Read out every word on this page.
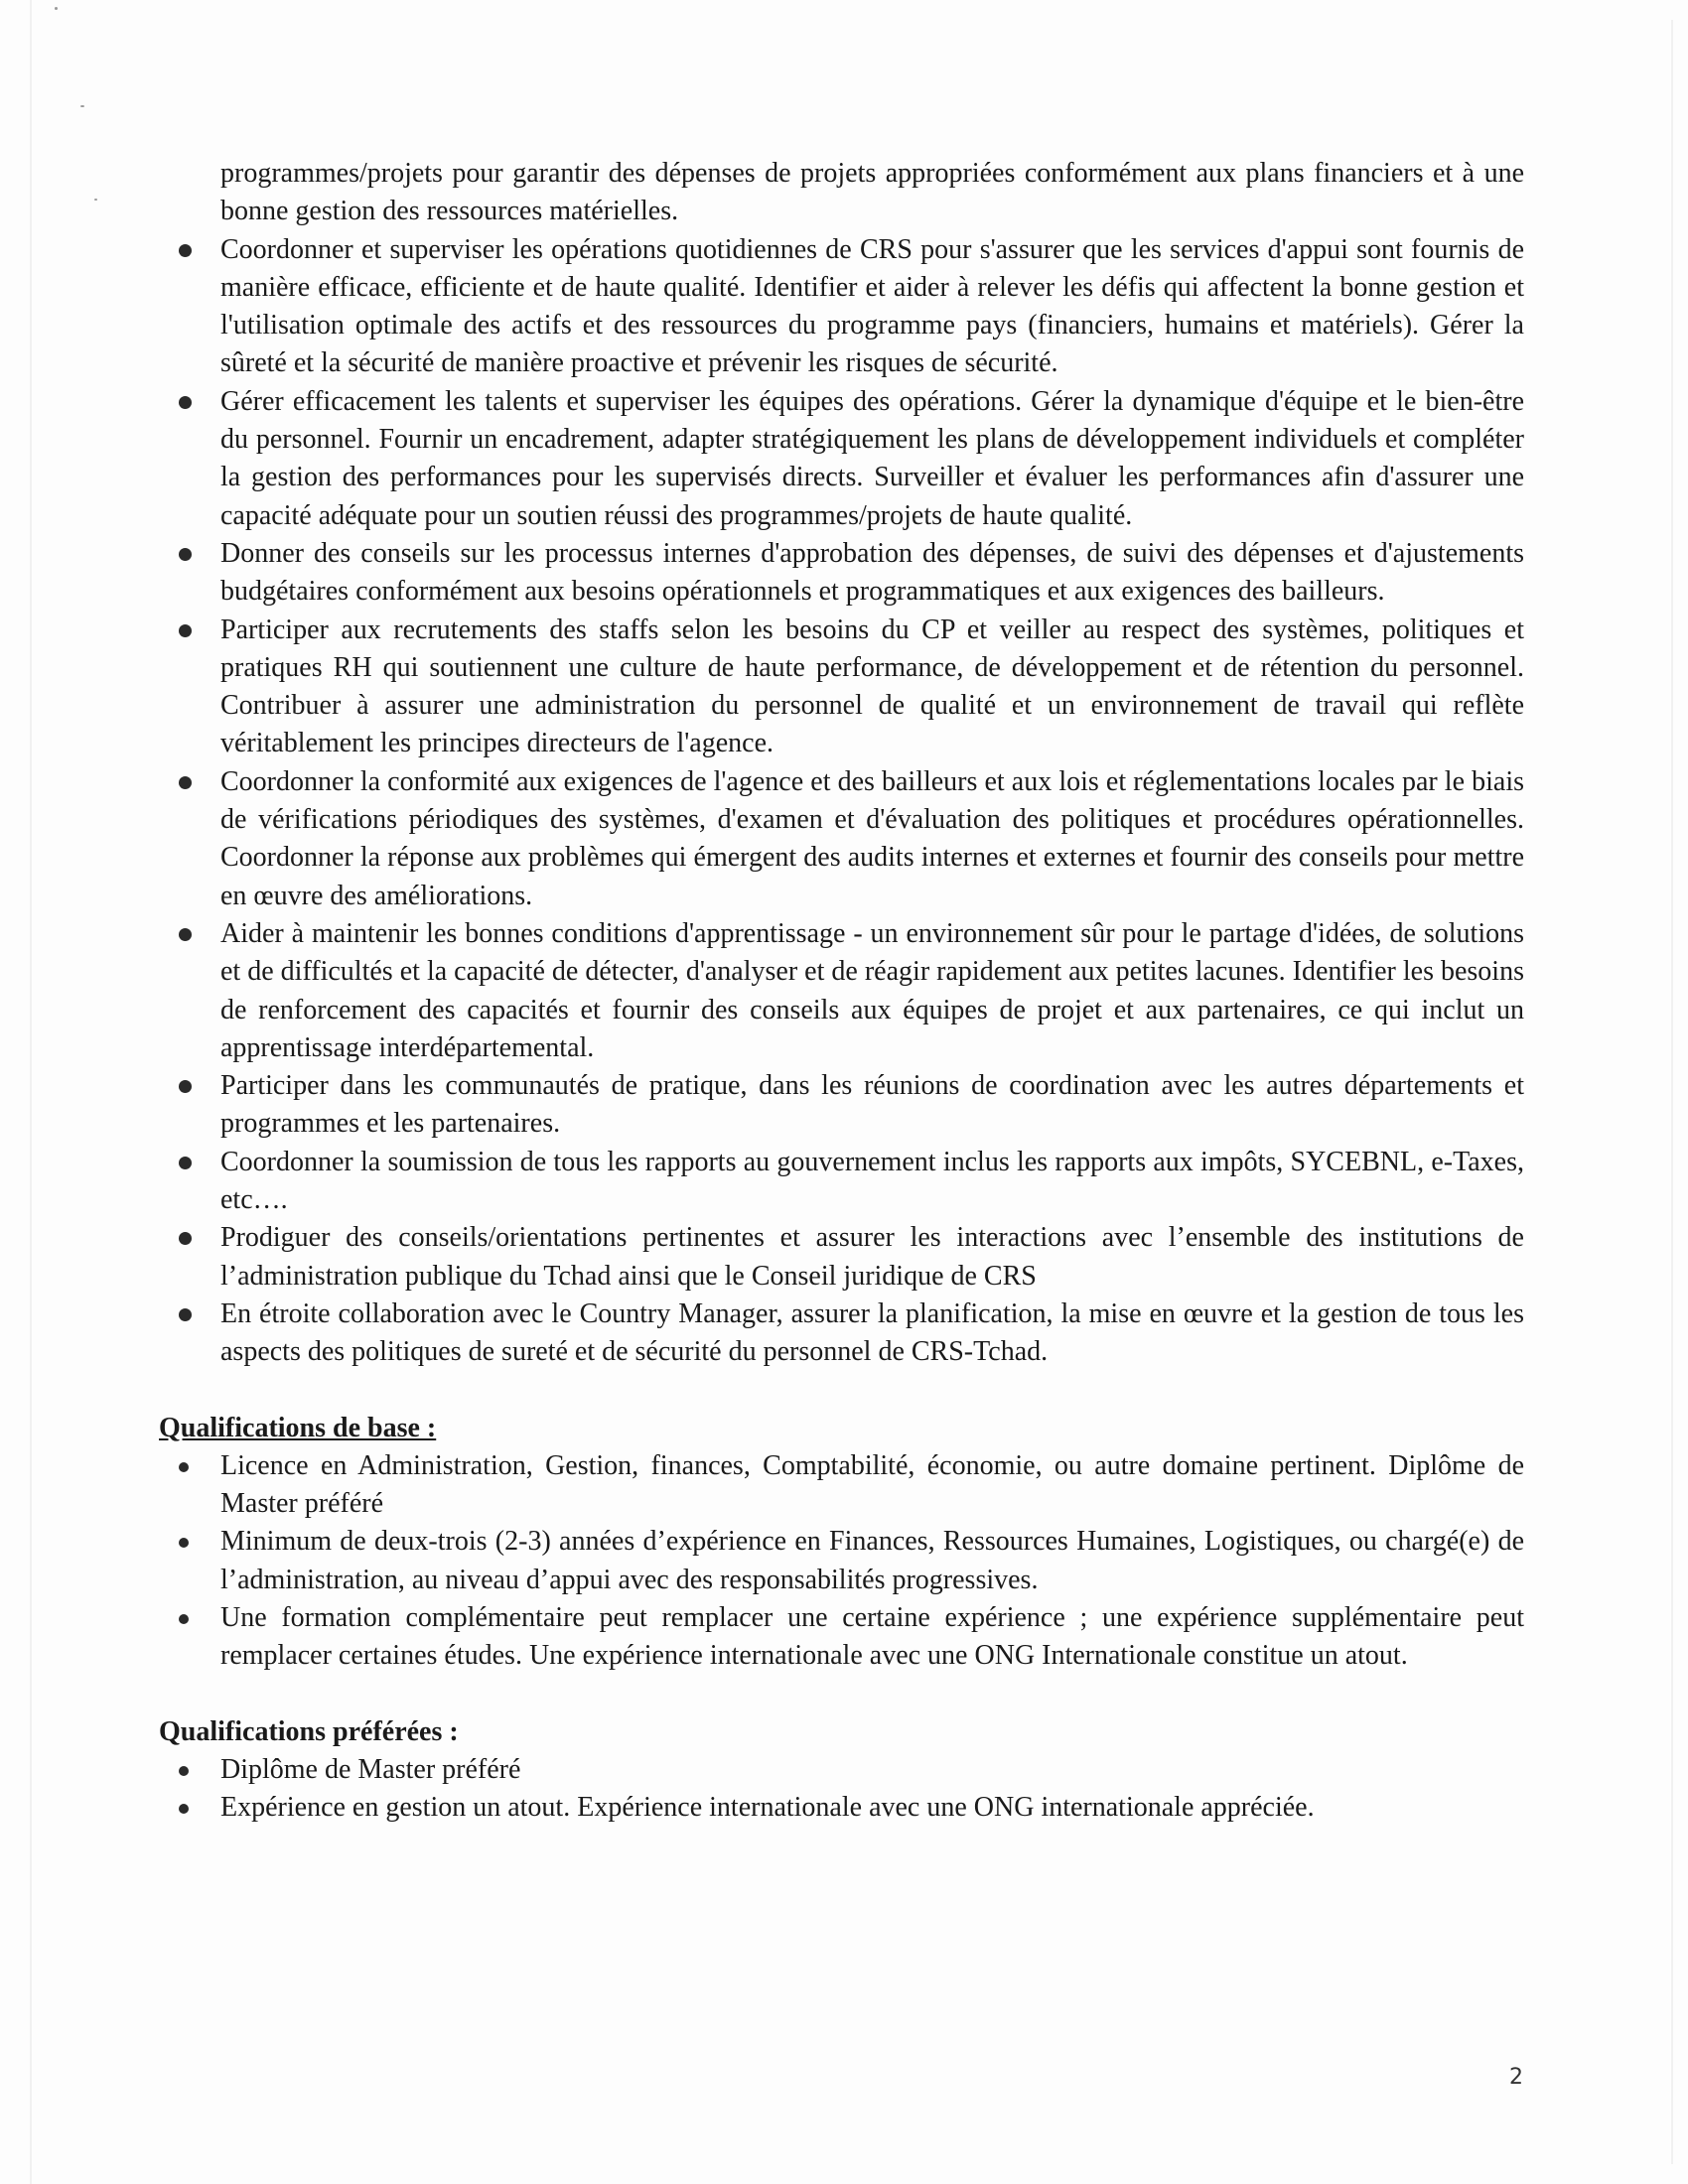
programmes/projets pour garantir des dépenses de projets appropriées conformément aux plans financiers et à une bonne gestion des ressources matérielles.

Coordonner et superviser les opérations quotidiennes de CRS pour s'assurer que les services d'appui sont fournis de manière efficace, efficiente et de haute qualité. Identifier et aider à relever les défis qui affectent la bonne gestion et l'utilisation optimale des actifs et des ressources du programme pays (financiers, humains et matériels). Gérer la sûreté et la sécurité de manière proactive et prévenir les risques de sécurité.
Gérer efficacement les talents et superviser les équipes des opérations. Gérer la dynamique d'équipe et le bien-être du personnel. Fournir un encadrement, adapter stratégiquement les plans de développement individuels et compléter la gestion des performances pour les supervisés directs. Surveiller et évaluer les performances afin d'assurer une capacité adéquate pour un soutien réussi des programmes/projets de haute qualité.
Donner des conseils sur les processus internes d'approbation des dépenses, de suivi des dépenses et d'ajustements budgétaires conformément aux besoins opérationnels et programmatiques et aux exigences des bailleurs.
Participer aux recrutements des staffs selon les besoins du CP et veiller au respect des systèmes, politiques et pratiques RH qui soutiennent une culture de haute performance, de développement et de rétention du personnel. Contribuer à assurer une administration du personnel de qualité et un environnement de travail qui reflète véritablement les principes directeurs de l'agence.
Coordonner la conformité aux exigences de l'agence et des bailleurs et aux lois et réglementations locales par le biais de vérifications périodiques des systèmes, d'examen et d'évaluation des politiques et procédures opérationnelles. Coordonner la réponse aux problèmes qui émergent des audits internes et externes et fournir des conseils pour mettre en œuvre des améliorations.
Aider à maintenir les bonnes conditions d'apprentissage - un environnement sûr pour le partage d'idées, de solutions et de difficultés et la capacité de détecter, d'analyser et de réagir rapidement aux petites lacunes. Identifier les besoins de renforcement des capacités et fournir des conseils aux équipes de projet et aux partenaires, ce qui inclut un apprentissage interdépartemental.
Participer dans les communautés de pratique, dans les réunions de coordination avec les autres départements et programmes et les partenaires.
Coordonner la soumission de tous les rapports au gouvernement inclus les rapports aux impôts, SYCEBNL, e-Taxes, etc….
Prodiguer des conseils/orientations pertinentes et assurer les interactions avec l’ensemble des institutions de l’administration publique du Tchad ainsi que le Conseil juridique de CRS
En étroite collaboration avec le Country Manager, assurer la planification, la mise en œuvre et la gestion de tous les aspects des politiques de sureté et de sécurité du personnel de CRS-Tchad.

Qualifications de base :

Licence en Administration, Gestion, finances, Comptabilité, économie, ou autre domaine pertinent. Diplôme de Master préféré
Minimum de deux-trois (2-3) années d’expérience en Finances, Ressources Humaines, Logistiques, ou chargé(e) de l’administration, au niveau d’appui avec des responsabilités progressives.
Une formation complémentaire peut remplacer une certaine expérience ; une expérience supplémentaire peut remplacer certaines études. Une expérience internationale avec une ONG Internationale constitue un atout.

Qualifications préférées :

Diplôme de Master préféré
Expérience en gestion un atout. Expérience internationale avec une ONG internationale appréciée.
2
